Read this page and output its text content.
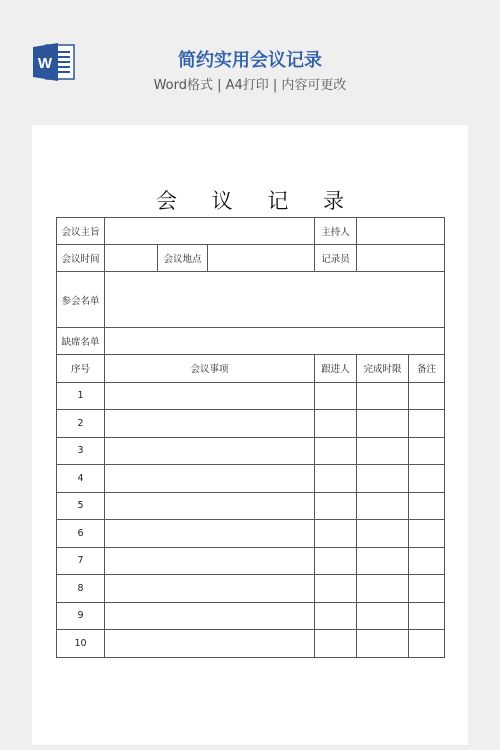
W	简约实用会议记录
Word格式 | A4打印 | 内容可更改
会 议 记 录
会议主旨				主持人		
会议时间		会议地点		记录员		
参会名单						
缺席名单						
序号	会议事项			跟进人	完成时限	备注
1						
2						
3						
4						
5						
6						
7						
8						
9						
10						
